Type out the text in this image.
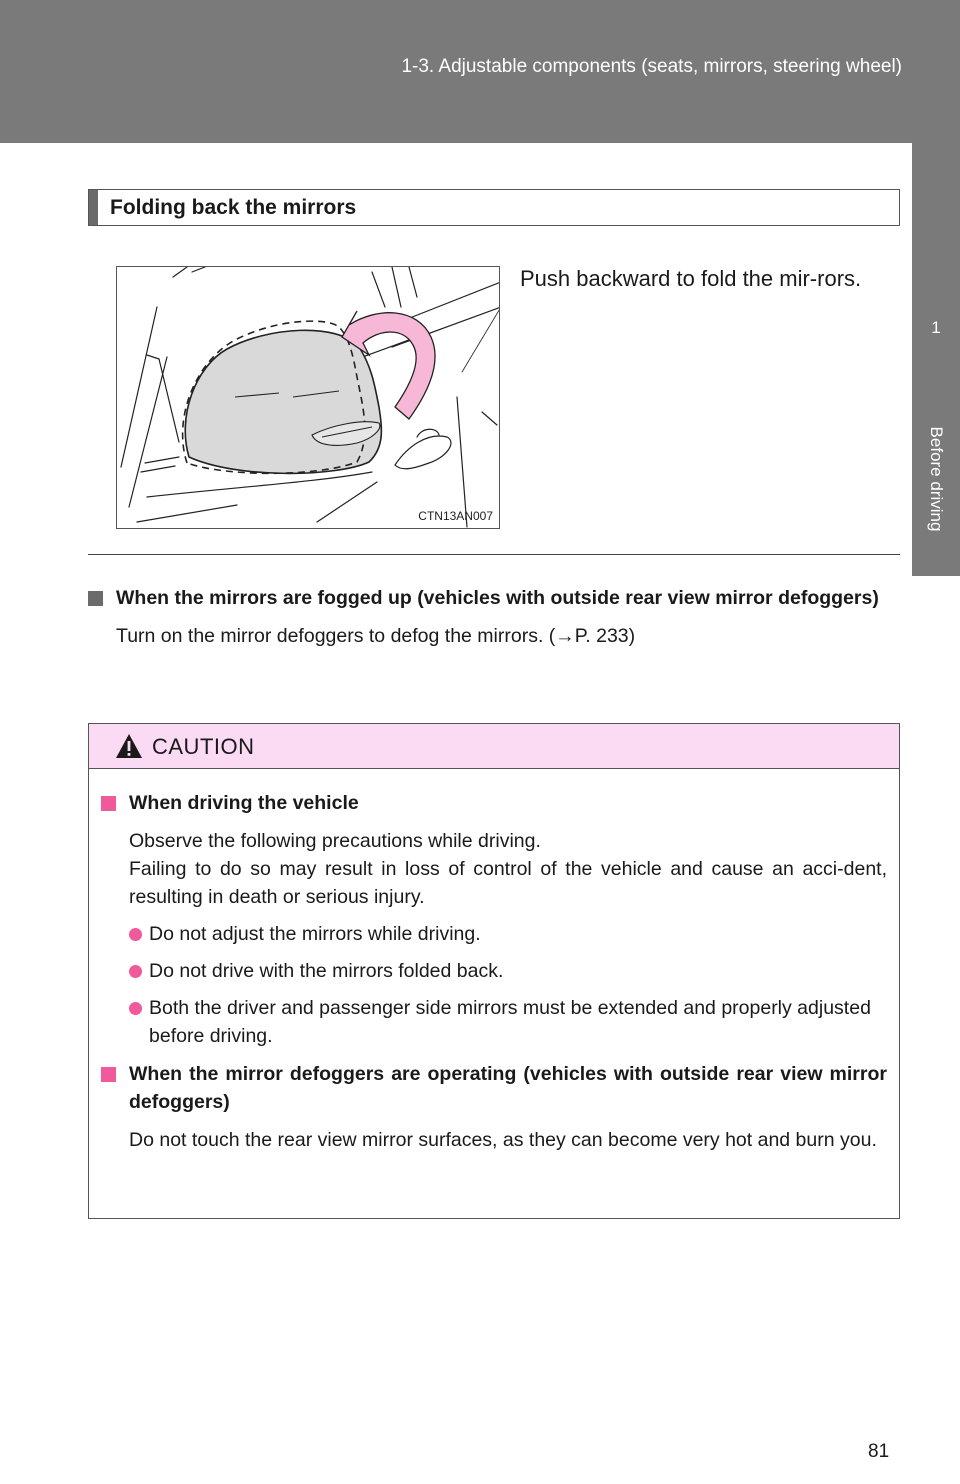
1-3. Adjustable components (seats, mirrors, steering wheel)
1
Before driving
Folding back the mirrors
CTN13AN007
Push backward to fold the mir-rors.
When the mirrors are fogged up (vehicles with outside rear view mirror defoggers)
Turn on the mirror defoggers to defog the mirrors. (→P. 233)
CAUTION
When driving the vehicle
Observe the following precautions while driving.
Failing to do so may result in loss of control of the vehicle and cause an acci-dent, resulting in death or serious injury.
Do not adjust the mirrors while driving.
Do not drive with the mirrors folded back.
Both the driver and passenger side mirrors must be extended and properly adjusted before driving.
When the mirror defoggers are operating (vehicles with outside rear view mirror defoggers)
Do not touch the rear view mirror surfaces, as they can become very hot and burn you.
81
